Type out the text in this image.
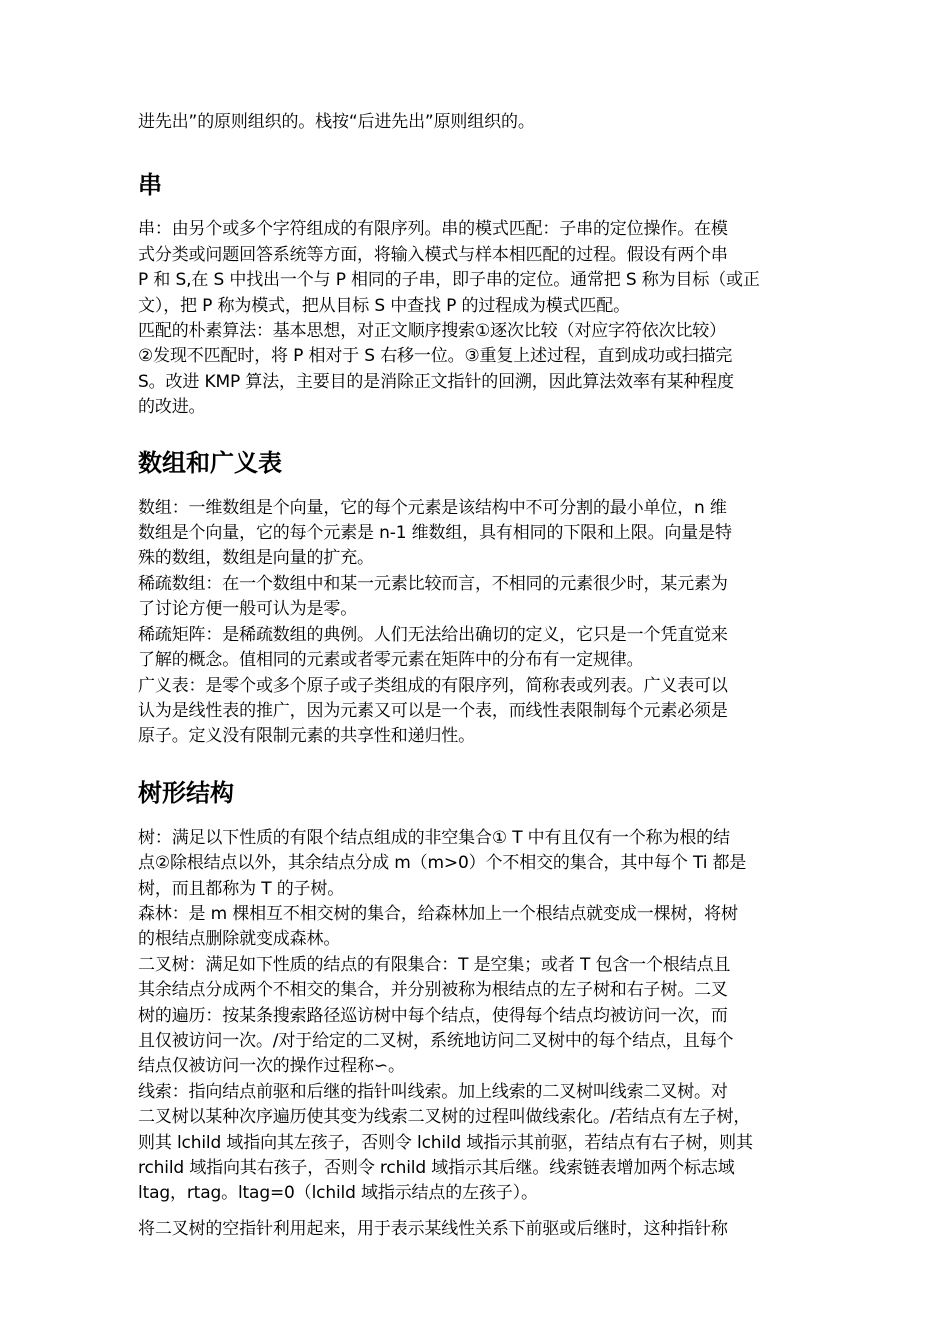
进先出”的原则组织的。栈按“后进先出”原则组织的。
串
串：由另个或多个字符组成的有限序列。串的模式匹配：子串的定位操作。在模
式分类或问题回答系统等方面，将输入模式与样本相匹配的过程。假设有两个串
P 和 S,在 S 中找出一个与 P 相同的子串，即子串的定位。通常把 S 称为目标（或正
文），把 P 称为模式，把从目标 S 中查找 P 的过程成为模式匹配。
匹配的朴素算法：基本思想，对正文顺序搜索①逐次比较（对应字符依次比较）
②发现不匹配时，将 P 相对于 S 右移一位。③重复上述过程，直到成功或扫描完
S。改进 KMP 算法，主要目的是消除正文指针的回溯，因此算法效率有某种程度
的改进。
数组和广义表
数组：一维数组是个向量，它的每个元素是该结构中不可分割的最小单位，n 维
数组是个向量，它的每个元素是 n-1 维数组，具有相同的下限和上限。向量是特
殊的数组，数组是向量的扩充。
稀疏数组：在一个数组中和某一元素比较而言，不相同的元素很少时，某元素为
了讨论方便一般可认为是零。
稀疏矩阵：是稀疏数组的典例。人们无法给出确切的定义，它只是一个凭直觉来
了解的概念。值相同的元素或者零元素在矩阵中的分布有一定规律。
广义表：是零个或多个原子或子类组成的有限序列，简称表或列表。广义表可以
认为是线性表的推广，因为元素又可以是一个表，而线性表限制每个元素必须是
原子。定义没有限制元素的共享性和递归性。
树形结构
树：满足以下性质的有限个结点组成的非空集合① T 中有且仅有一个称为根的结
点②除根结点以外，其余结点分成 m（m>0）个不相交的集合，其中每个 Ti 都是
树，而且都称为 T 的子树。
森林：是 m 棵相互不相交树的集合，给森林加上一个根结点就变成一棵树，将树
的根结点删除就变成森林。
二叉树：满足如下性质的结点的有限集合：T 是空集；或者 T 包含一个根结点且
其余结点分成两个不相交的集合，并分别被称为根结点的左子树和右子树。二叉
树的遍历：按某条搜索路径巡访树中每个结点，使得每个结点均被访问一次，而
且仅被访问一次。/对于给定的二叉树，系统地访问二叉树中的每个结点，且每个
结点仅被访问一次的操作过程称∽。
线索：指向结点前驱和后继的指针叫线索。加上线索的二叉树叫线索二叉树。对
二叉树以某种次序遍历使其变为线索二叉树的过程叫做线索化。/若结点有左子树，
则其 lchild 域指向其左孩子，否则令 lchild 域指示其前驱，若结点有右子树，则其
rchild 域指向其右孩子，否则令 rchild 域指示其后继。线索链表增加两个标志域
ltag，rtag。ltag=0（lchild 域指示结点的左孩子）。
将二叉树的空指针利用起来，用于表示某线性关系下前驱或后继时，这种指针称
